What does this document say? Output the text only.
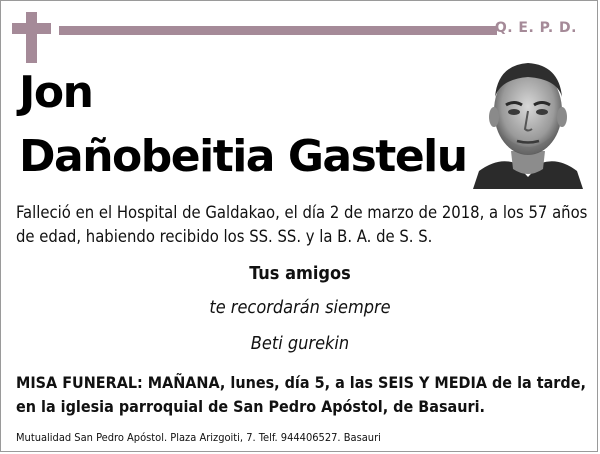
Q. E. P. D.
Jon
Dañobeitia Gastelu
Falleció en el Hospital de Galdakao, el día 2 de marzo de 2018, a los 57 años de edad, habiendo recibido los SS. SS. y la B. A. de S. S.
Tus amigos
te recordarán siempre
Beti gurekin
MISA FUNERAL: MAÑANA, lunes, día 5, a las SEIS Y MEDIA de la tarde, en la iglesia parroquial de San Pedro Apóstol, de Basauri.
Mutualidad San Pedro Apóstol. Plaza Arizgoiti, 7. Telf. 944406527. Basauri
